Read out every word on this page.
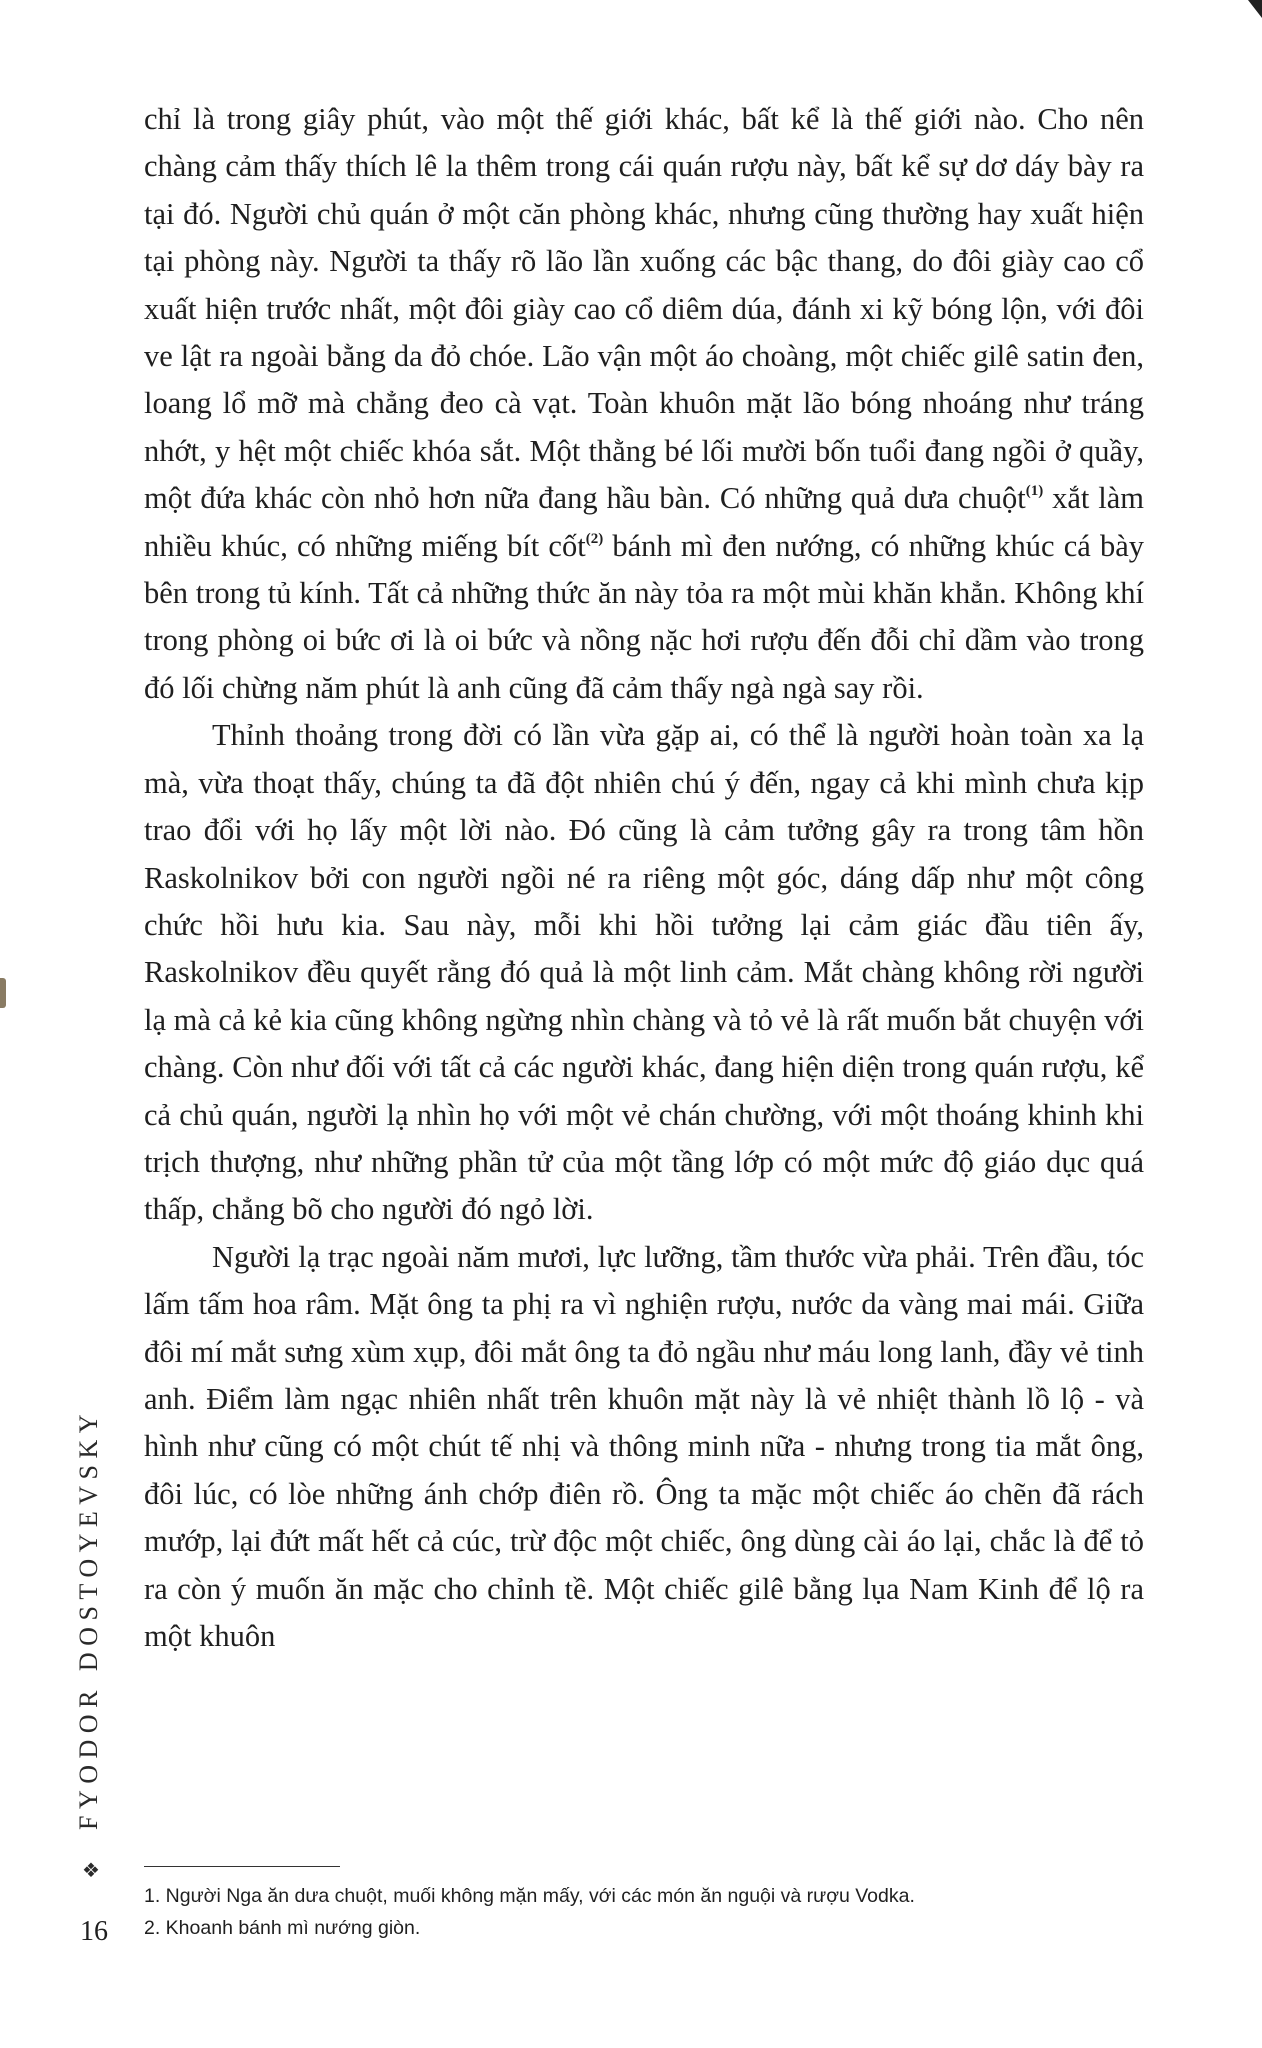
chỉ là trong giây phút, vào một thế giới khác, bất kể là thế giới nào. Cho nên chàng cảm thấy thích lê la thêm trong cái quán rượu này, bất kể sự dơ dáy bày ra tại đó. Người chủ quán ở một căn phòng khác, nhưng cũng thường hay xuất hiện tại phòng này. Người ta thấy rõ lão lần xuống các bậc thang, do đôi giày cao cổ xuất hiện trước nhất, một đôi giày cao cổ diêm dúa, đánh xi kỹ bóng lộn, với đôi ve lật ra ngoài bằng da đỏ chóe. Lão vận một áo choàng, một chiếc gilê satin đen, loang lổ mỡ mà chẳng đeo cà vạt. Toàn khuôn mặt lão bóng nhoáng như tráng nhớt, y hệt một chiếc khóa sắt. Một thằng bé lối mười bốn tuổi đang ngồi ở quầy, một đứa khác còn nhỏ hơn nữa đang hầu bàn. Có những quả dưa chuột$^{(1)}$ xắt làm nhiều khúc, có những miếng bít cốt$^{(2)}$ bánh mì đen nướng, có những khúc cá bày bên trong tủ kính. Tất cả những thức ăn này tỏa ra một mùi khăn khẳn. Không khí trong phòng oi bức ơi là oi bức và nồng nặc hơi rượu đến đỗi chỉ dầm vào trong đó lối chừng năm phút là anh cũng đã cảm thấy ngà ngà say rồi.

Thỉnh thoảng trong đời có lần vừa gặp ai, có thể là người hoàn toàn xa lạ mà, vừa thoạt thấy, chúng ta đã đột nhiên chú ý đến, ngay cả khi mình chưa kịp trao đổi với họ lấy một lời nào. Đó cũng là cảm tưởng gây ra trong tâm hồn Raskolnikov bởi con người ngồi né ra riêng một góc, dáng dấp như một công chức hồi hưu kia. Sau này, mỗi khi hồi tưởng lại cảm giác đầu tiên ấy, Raskolnikov đều quyết rằng đó quả là một linh cảm. Mắt chàng không rời người lạ mà cả kẻ kia cũng không ngừng nhìn chàng và tỏ vẻ là rất muốn bắt chuyện với chàng. Còn như đối với tất cả các người khác, đang hiện diện trong quán rượu, kể cả chủ quán, người lạ nhìn họ với một vẻ chán chường, với một thoáng khinh khi trịch thượng, như những phần tử của một tầng lớp có một mức độ giáo dục quá thấp, chẳng bõ cho người đó ngỏ lời.

Người lạ trạc ngoài năm mươi, lực lưỡng, tầm thước vừa phải. Trên đầu, tóc lấm tấm hoa râm. Mặt ông ta phị ra vì nghiện rượu, nước da vàng mai mái. Giữa đôi mí mắt sưng xùm xụp, đôi mắt ông ta đỏ ngầu như máu long lanh, đầy vẻ tinh anh. Điểm làm ngạc nhiên nhất trên khuôn mặt này là vẻ nhiệt thành lồ lộ - và hình như cũng có một chút tế nhị và thông minh nữa - nhưng trong tia mắt ông, đôi lúc, có lòe những ánh chớp điên rồ. Ông ta mặc một chiếc áo chẽn đã rách mướp, lại đứt mất hết cả cúc, trừ độc một chiếc, ông dùng cài áo lại, chắc là để tỏ ra còn ý muốn ăn mặc cho chỉnh tề. Một chiếc gilê bằng lụa Nam Kinh để lộ ra một khuôn

FYODOR DOSTOYEVSKY
❖
16
1. Người Nga ăn dưa chuột, muối không mặn mấy, với các món ăn nguội và rượu Vodka.
2. Khoanh bánh mì nướng giòn.
